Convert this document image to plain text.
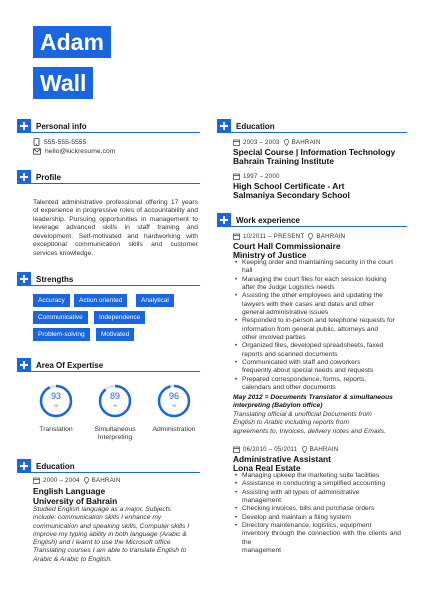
Adam
Wall
Personal info
555-555-5555
hello@kickresume.com
Profile
Talented administrative professional offering 17 years of experience in progressive roles of accountability and leadership. Pursuing opportunities in management to leverage advanced skills in staff training and development. Self-motivated and hardworking with exceptional communication skills and customer services knowledge.
Strengths
Accuracy	Action oriented	Analytical
Communicative	Independence
Problem-solving	Motivated
Area Of Expertise
93
%
Translation
89
%
Simultaneous
Interpreting
96
%
Administration
Education
2000 – 2004 BAHRAIN
English Language
University of Bahrain
Studied English language as a major, Subjects
include: communication skills I enhance my
communication and speaking skills, Computer skills I
improve my typing ability in both language (Arabic &
English) and I learnt to use the Microsoft office
Translating courses I am able to translate English to
Arabic & Arabic to English.
Education
2003 – 2003 BAHRAIN
Special Course | Information Technology
Bahrain Training Institute
1997 – 2000
High School Certificate - Art
Salmaniya Secondary School
Work experience
10/2011 – PRESENT BAHRAIN
Court Hall Commissionaire
Ministry of Justice
• Keeping order and maintaining security in the court
hall
• Managing the court files for each session looking
after the Judge Logistics needs
• Assisting the other employees and updating the
lawyers with their cases and dates and other
general administrative issues
• Responded to in-person and telephone requests for
information from general public, attorneys and
other involved parties
• Organized files, developed spreadsheets, faxed
reports and scanned documents
• Communicated with staff and coworkers
frequently about special needs and requests
• Prepared correspondence, forms, reports,
calendars and other documents
May 2012 = Documents Translator & simultaneous
interpreting (Babylon office)
Translating official & unofficial Documents from
English to Arabic including reports from
agreements to, Invoices, delivery notes and Emails.
06/2010 – 05/2011 BAHRAIN
Administrative Assistant
Lona Real Estate
• Managing upkeep the marketing suite facilities
• Assistance in conducting a simplified accounting
• Assisting with all types of administrative
management
• Checking invoices, bills and purchase orders
• Develop and maintain a filing system
• Directory maintenance, logistics, equipment
inventory through the connection with the clients and the
management
